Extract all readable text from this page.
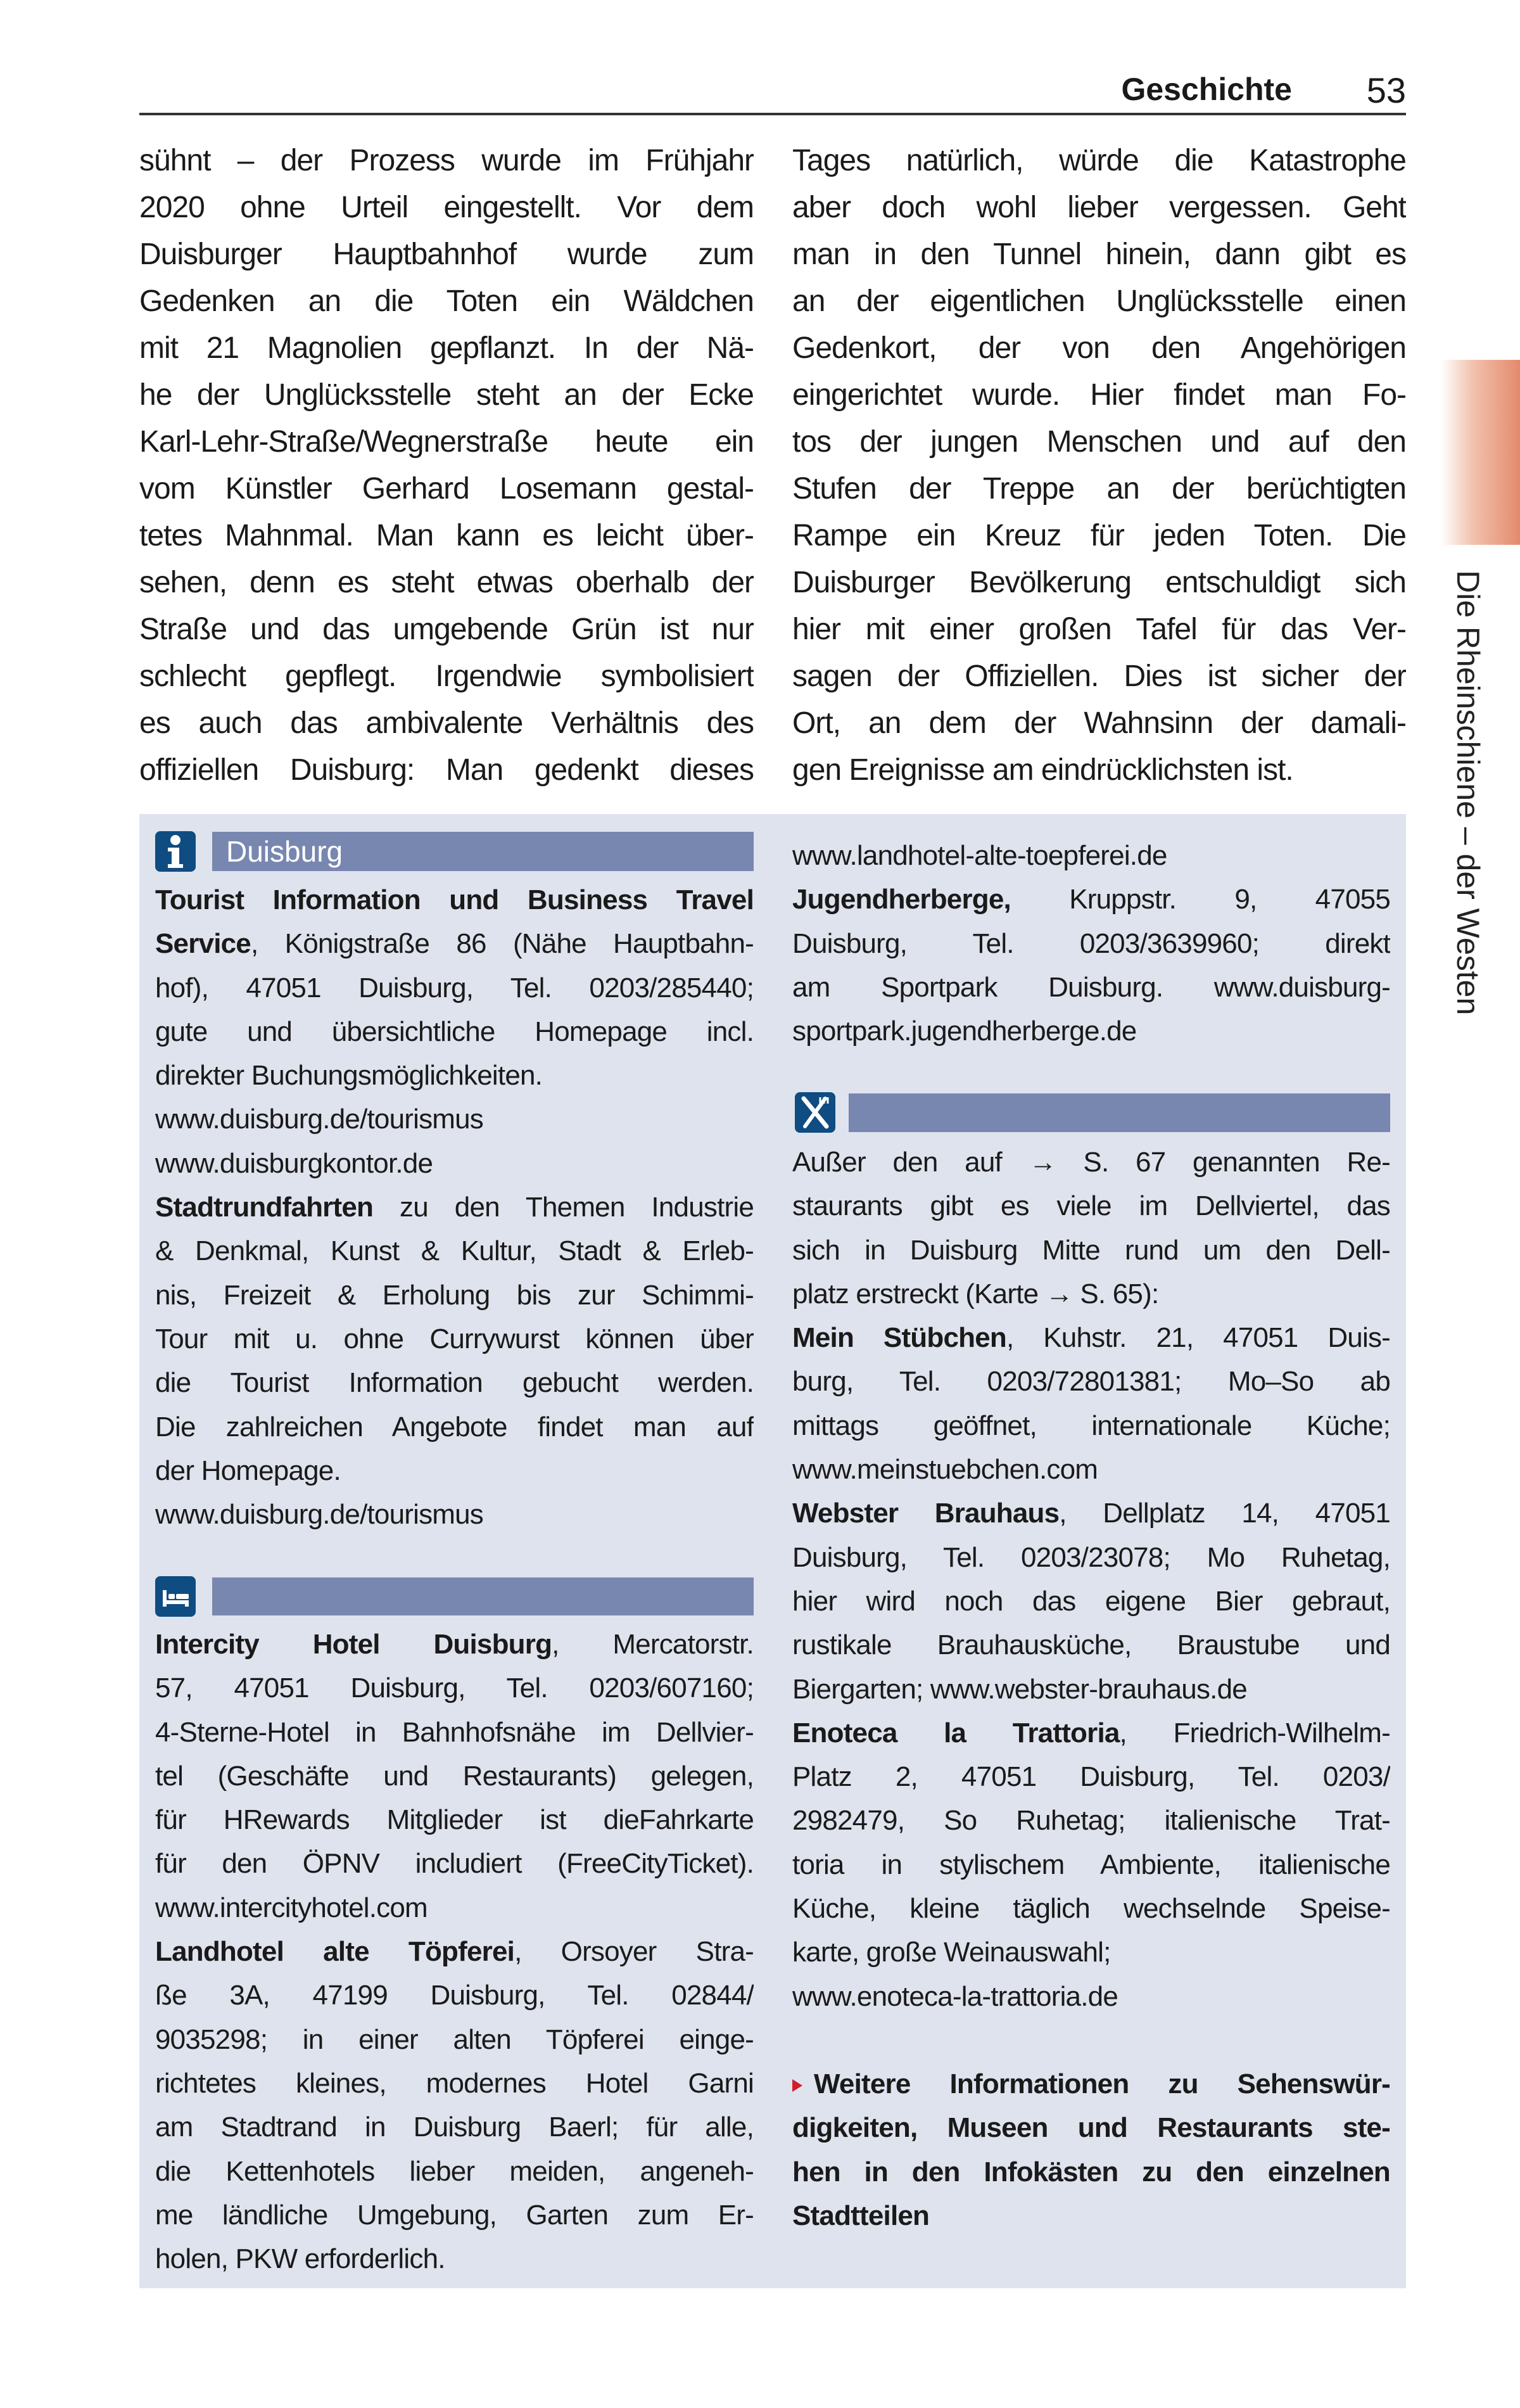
Geschichte	53
Die Rheinschiene – der Westen
sühnt – der Prozess wurde im Frühjahr
2020 ohne Urteil eingestellt. Vor dem
Duisburger Hauptbahnhof wurde zum
Gedenken an die Toten ein Wäldchen
mit 21 Magnolien gepflanzt. In der Nä-
he der Unglücksstelle steht an der Ecke
Karl-Lehr-Straße/Wegnerstraße heute ein
vom Künstler Gerhard Losemann gestal-
tetes Mahnmal. Man kann es leicht über-
sehen, denn es steht etwas oberhalb der
Straße und das umgebende Grün ist nur
schlecht gepflegt. Irgendwie symbolisiert
es auch das ambivalente Verhältnis des
offiziellen Duisburg: Man gedenkt dieses
Tages natürlich, würde die Katastrophe
aber doch wohl lieber vergessen. Geht
man in den Tunnel hinein, dann gibt es
an der eigentlichen Unglücksstelle einen
Gedenkort, der von den Angehörigen
eingerichtet wurde. Hier findet man Fo-
tos der jungen Menschen und auf den
Stufen der Treppe an der berüchtigten
Rampe ein Kreuz für jeden Toten. Die
Duisburger Bevölkerung entschuldigt sich
hier mit einer großen Tafel für das Ver-
sagen der Offiziellen. Dies ist sicher der
Ort, an dem der Wahnsinn der damali-
gen Ereignisse am eindrücklichsten ist.
Duisburg
Tourist Information und Business Travel
Service, Königstraße 86 (Nähe Hauptbahn-
hof), 47051 Duisburg, Tel. 0203/285440;
gute und übersichtliche Homepage incl.
direkter Buchungsmöglichkeiten.
www.duisburg.de/tourismus
www.duisburgkontor.de
Stadtrundfahrten zu den Themen Industrie
& Denkmal, Kunst & Kultur, Stadt & Erleb-
nis, Freizeit & Erholung bis zur Schimmi-
Tour mit u. ohne Currywurst können über
die Tourist Information gebucht werden.
Die zahlreichen Angebote findet man auf
der Homepage.
www.duisburg.de/tourismus
Intercity Hotel Duisburg, Mercatorstr.
57, 47051 Duisburg, Tel. 0203/607160;
4-Sterne-Hotel in Bahnhofsnähe im Dellvier-
tel (Geschäfte und Restaurants) gelegen,
für HRewards Mitglieder ist dieFahrkarte
für den ÖPNV includiert (FreeCityTicket).
www.intercityhotel.com
Landhotel alte Töpferei, Orsoyer Stra-
ße 3A, 47199 Duisburg, Tel. 02844/
9035298; in einer alten Töpferei einge-
richtetes kleines, modernes Hotel Garni
am Stadtrand in Duisburg Baerl; für alle,
die Kettenhotels lieber meiden, angeneh-
me ländliche Umgebung, Garten zum Er-
holen, PKW erforderlich.
www.landhotel-alte-toepferei.de
Jugendherberge, Kruppstr. 9, 47055
Duisburg, Tel. 0203/3639960; direkt
am Sportpark Duisburg. www.duisburg-
sportpark.jugendherberge.de
Außer den auf → S. 67 genannten Re-
staurants gibt es viele im Dellviertel, das
sich in Duisburg Mitte rund um den Dell-
platz erstreckt (Karte → S. 65):
Mein Stübchen, Kuhstr. 21, 47051 Duis-
burg, Tel. 0203/72801381; Mo–So ab
mittags geöffnet, internationale Küche;
www.meinstuebchen.com
Webster Brauhaus, Dellplatz 14, 47051
Duisburg, Tel. 0203/23078; Mo Ruhetag,
hier wird noch das eigene Bier gebraut,
rustikale Brauhausküche, Braustube und
Biergarten; www.webster-brauhaus.de
Enoteca la Trattoria, Friedrich-Wilhelm-
Platz 2, 47051 Duisburg, Tel. 0203/
2982479, So Ruhetag; italienische Trat-
toria in stylischem Ambiente, italienische
Küche, kleine täglich wechselnde Speise-
karte, große Weinauswahl;
www.enoteca-la-trattoria.de
Weitere Informationen zu Sehenswür-
digkeiten, Museen und Restaurants ste-
hen in den Infokästen zu den einzelnen
Stadtteilen
